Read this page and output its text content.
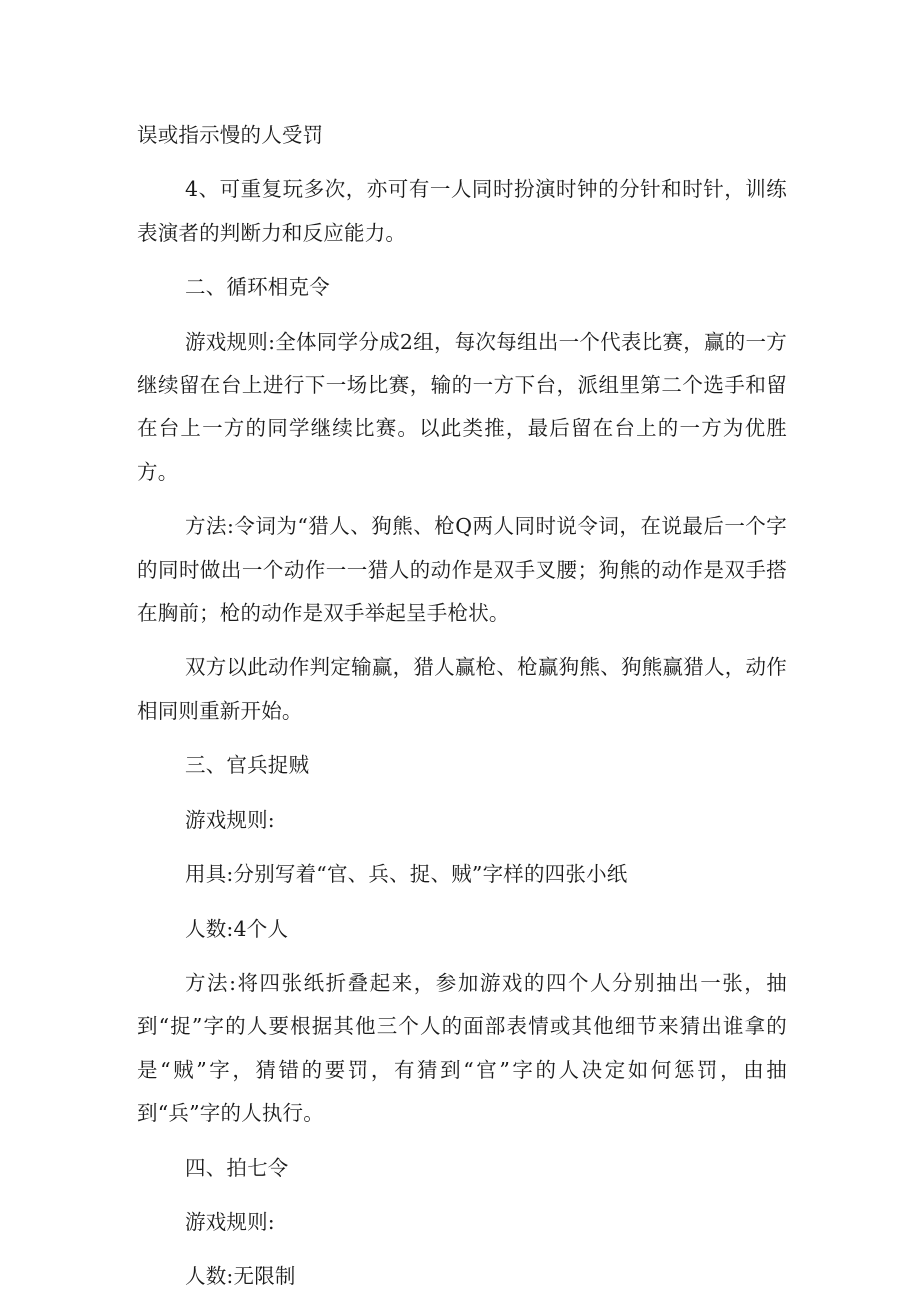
误或指示慢的人受罚

4、可重复玩多次，亦可有一人同时扮演时钟的分针和时针，训练表演者的判断力和反应能力。

二、循环相克令

游戏规则:全体同学分成2组，每次每组出一个代表比赛，赢的一方继续留在台上进行下一场比赛，输的一方下台，派组里第二个选手和留在台上一方的同学继续比赛。以此类推，最后留在台上的一方为优胜方。

方法:令词为“猎人、狗熊、枪Q两人同时说令词，在说最后一个字的同时做出一个动作一一猎人的动作是双手叉腰；狗熊的动作是双手搭在胸前；枪的动作是双手举起呈手枪状。

双方以此动作判定输赢，猎人赢枪、枪赢狗熊、狗熊赢猎人，动作相同则重新开始。

三、官兵捉贼

游戏规则:

用具:分别写着“官、兵、捉、贼”字样的四张小纸

人数:4个人

方法:将四张纸折叠起来，参加游戏的四个人分别抽出一张，抽到“捉”字的人要根据其他三个人的面部表情或其他细节来猜出谁拿的是“贼”字，猜错的要罚，有猜到“官”字的人决定如何惩罚，由抽到“兵”字的人执行。

四、拍七令

游戏规则:

人数:无限制
